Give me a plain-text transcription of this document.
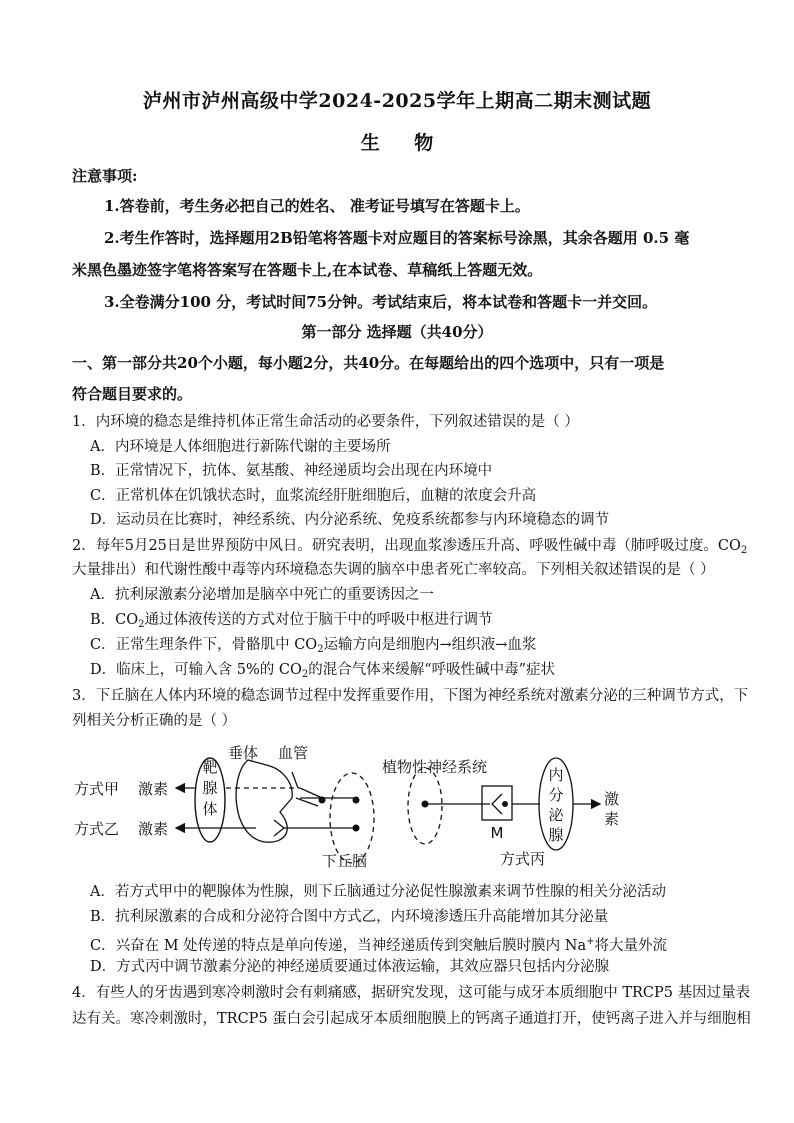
泸州市泸州高级中学2024-2025学年上期高二期末测试题
生 物
注意事项:
1.答卷前，考生务必把自己的姓名、 准考证号填写在答题卡上。
2.考生作答时，选择题用2B铅笔将答题卡对应题目的答案标号涂黑，其余各题用 0.5 毫
米黑色墨迹签字笔将答案写在答题卡上,在本试卷、草稿纸上答题无效。
3.全卷满分100 分，考试时间75分钟。考试结束后，将本试卷和答题卡一并交回。
第一部分 选择题（共40分）
一、第一部分共20个小题，每小题2分，共40分。在每题给出的四个选项中，只有一项是
符合题目要求的。
1．内环境的稳态是维持机体正常生命活动的必要条件，下列叙述错误的是（ ）
A．内环境是人体细胞进行新陈代谢的主要场所
B．正常情况下，抗体、氨基酸、神经递质均会出现在内环境中
C．正常机体在饥饿状态时，血浆流经肝脏细胞后，血糖的浓度会升高
D．运动员在比赛时，神经系统、内分泌系统、免疫系统都参与内环境稳态的调节
2．每年5月25日是世界预防中风日。研究表明，出现血浆渗透压升高、呼吸性碱中毒（肺呼吸过度。$CO_2$
大量排出）和代谢性酸中毒等内环境稳态失调的脑卒中患者死亡率较高。下列相关叙述错误的是（ ）
A．抗利尿激素分泌增加是脑卒中死亡的重要诱因之一
B．$CO_2$通过体液传送的方式对位于脑干中的呼吸中枢进行调节
C．正常生理条件下，骨骼肌中 $CO_2$运输方向是细胞内→组织液→血浆
D．临床上，可输入含 5%的 $CO_2$的混合气体来缓解“呼吸性碱中毒”症状
3．下丘脑在人体内环境的稳态调节过程中发挥重要作用，下图为神经系统对激素分泌的三种调节方式，下
列相关分析正确的是（ ）
靶
腺
体
垂体 血管
方式甲 激素
方式乙 激素
下丘脑
植物性神经系统
M
方式丙
内
分
泌
腺
激
素
A．若方式甲中的靶腺体为性腺，则下丘脑通过分泌促性腺激素来调节性腺的相关分泌活动
B．抗利尿激素的合成和分泌符合图中方式乙，内环境渗透压升高能增加其分泌量
C．兴奋在 M 处传递的特点是单向传递，当神经递质传到突触后膜时膜内 Na+将大量外流
D．方式丙中调节激素分泌的神经递质要通过体液运输，其效应器只包括内分泌腺
4．有些人的牙齿遇到寒冷刺激时会有刺痛感，据研究发现，这可能与成牙本质细胞中 TRCP5 基因过量表
达有关。寒冷刺激时，TRCP5 蛋白会引起成牙本质细胞膜上的钙离子通道打开，使钙离子进入并与细胞相
